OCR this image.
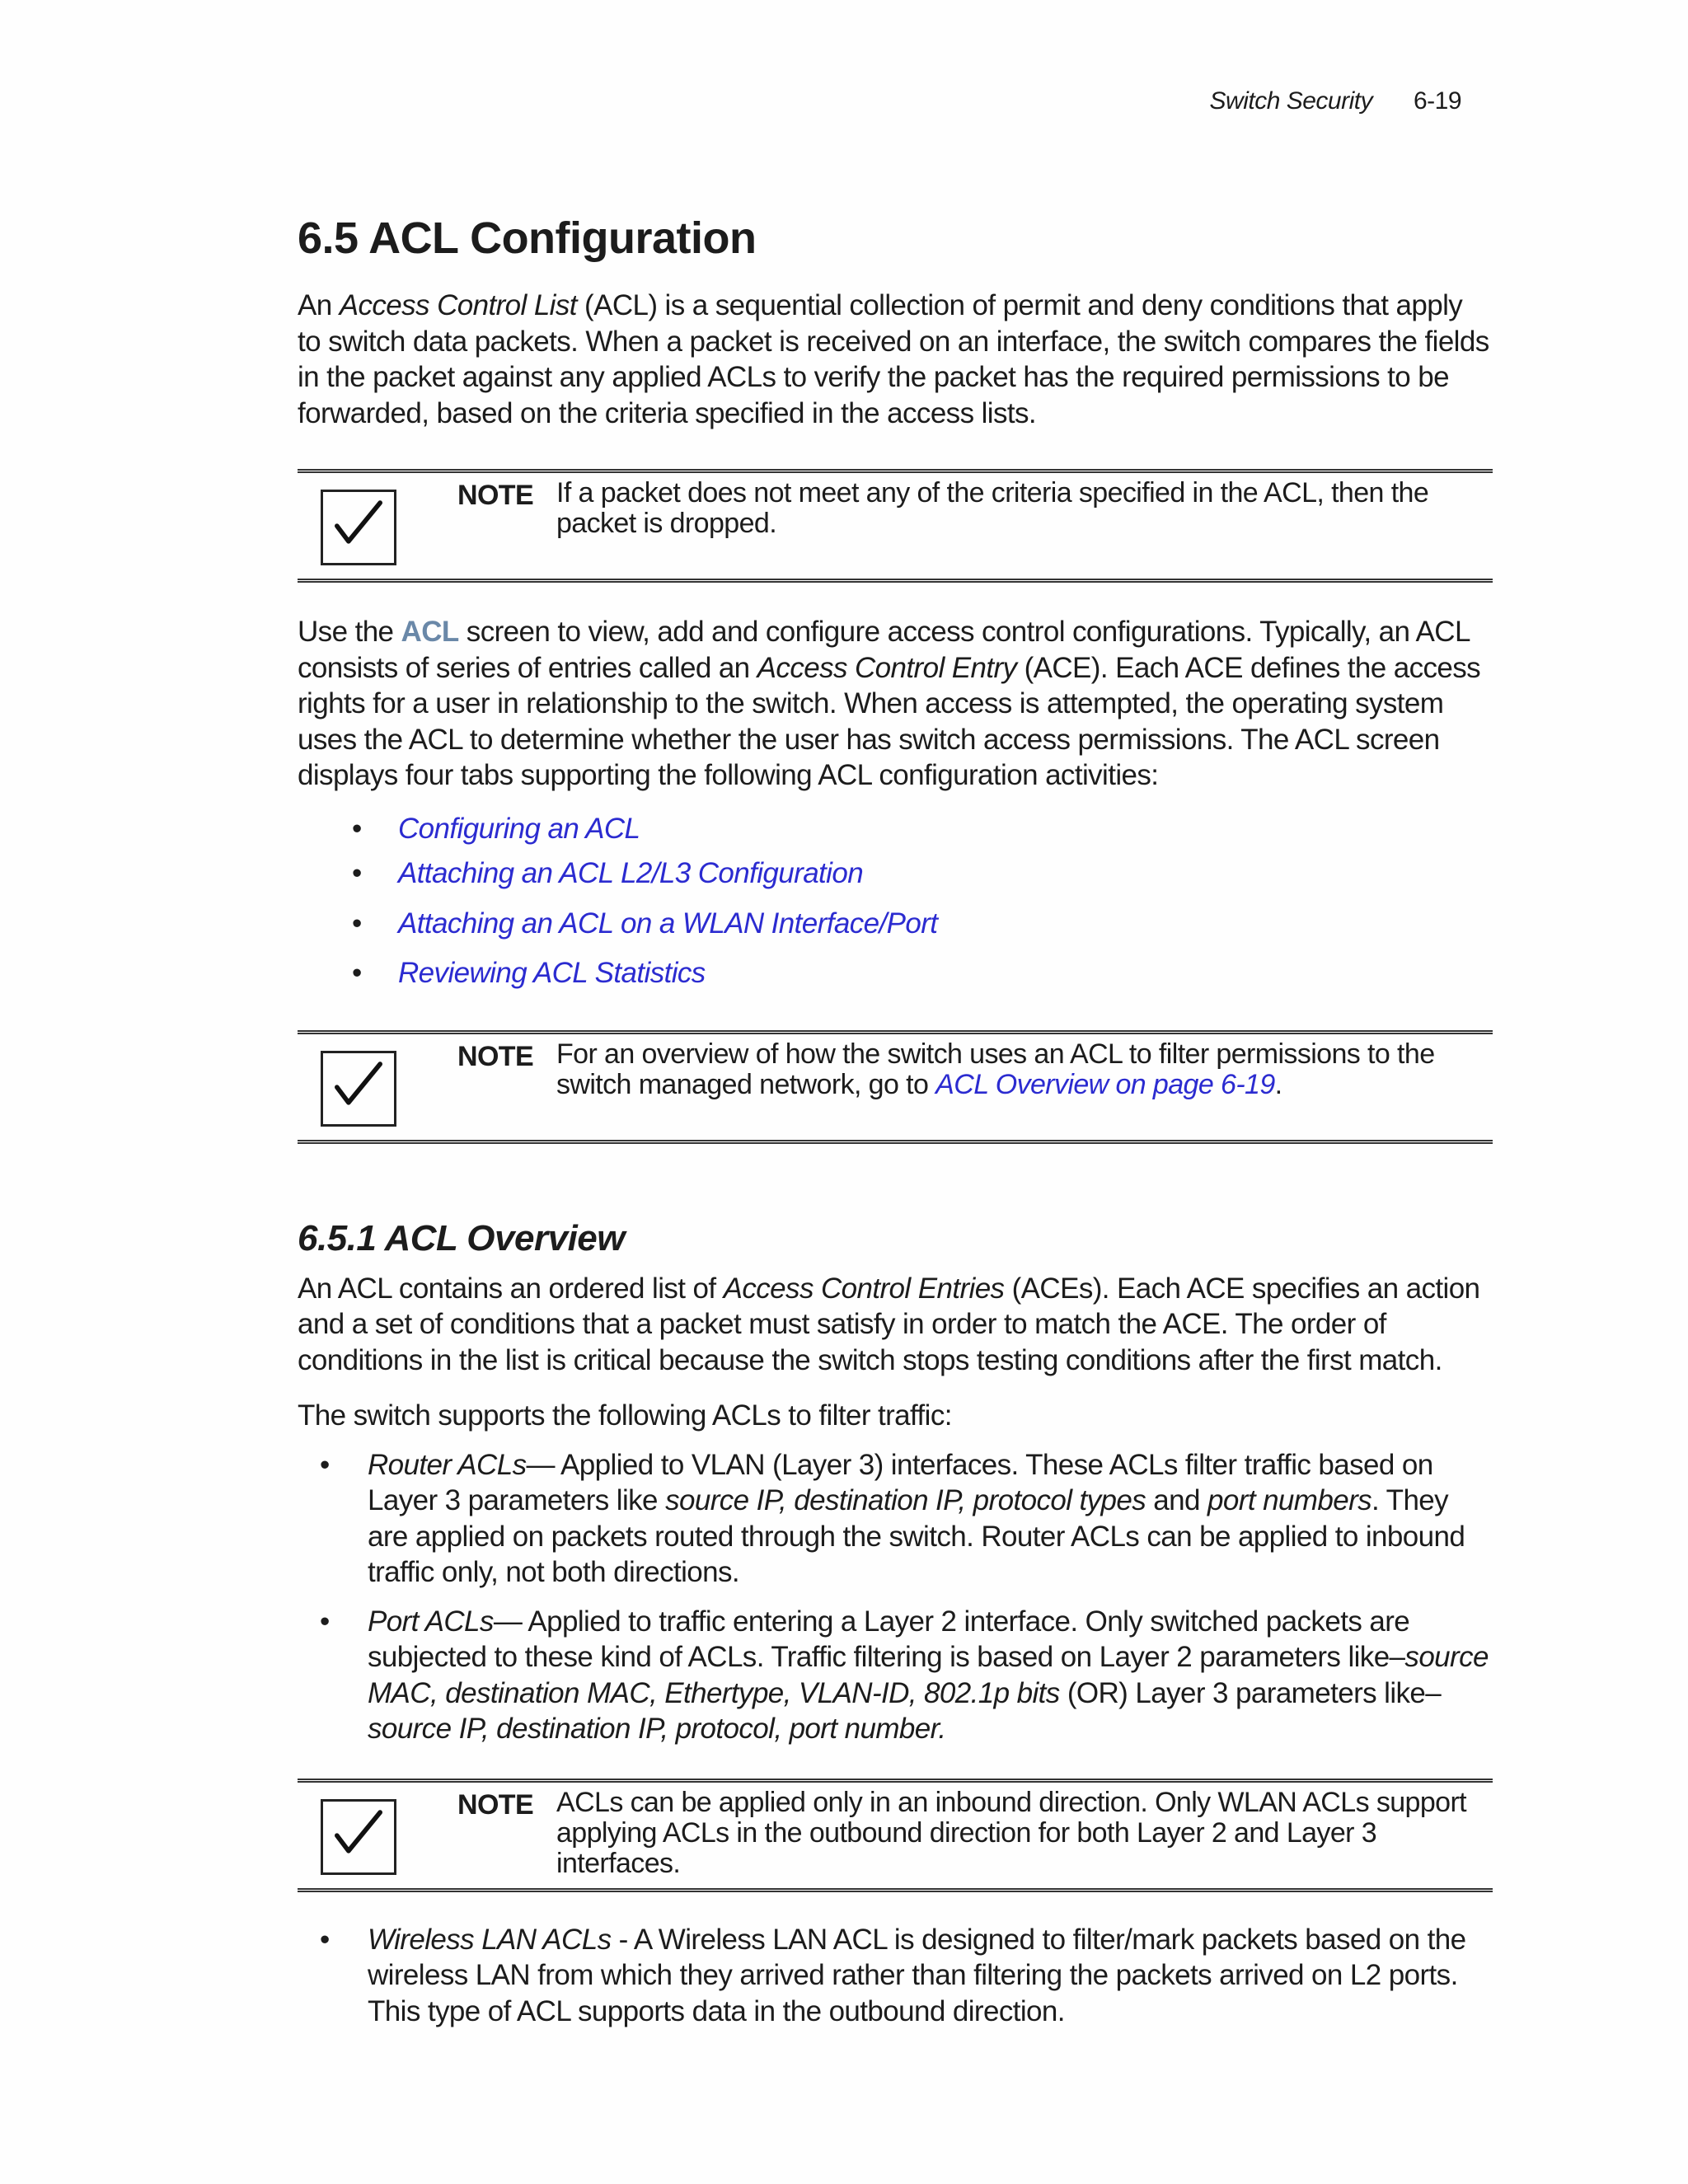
Switch Security 6-19
6.5 ACL Configuration

An Access Control List (ACL) is a sequential collection of permit and deny conditions that apply to switch data packets. When a packet is received on an interface, the switch compares the fields in the packet against any applied ACLs to verify the packet has the required permissions to be forwarded, based on the criteria specified in the access lists.

NOTE If a packet does not meet any of the criteria specified in the ACL, then the packet is dropped.

Use the ACL screen to view, add and configure access control configurations. Typically, an ACL consists of series of entries called an Access Control Entry (ACE). Each ACE defines the access rights for a user in relationship to the switch. When access is attempted, the operating system uses the ACL to determine whether the user has switch access permissions. The ACL screen displays four tabs supporting the following ACL configuration activities:

• Configuring an ACL
• Attaching an ACL L2/L3 Configuration
• Attaching an ACL on a WLAN Interface/Port
• Reviewing ACL Statistics
NOTE For an overview of how the switch uses an ACL to filter permissions to the switch managed network, go to ACL Overview on page 6-19.
6.5.1 ACL Overview

An ACL contains an ordered list of Access Control Entries (ACEs). Each ACE specifies an action and a set of conditions that a packet must satisfy in order to match the ACE. The order of conditions in the list is critical because the switch stops testing conditions after the first match.

The switch supports the following ACLs to filter traffic:

• Router ACLs— Applied to VLAN (Layer 3) interfaces. These ACLs filter traffic based on Layer 3 parameters like source IP, destination IP, protocol types and port numbers. They are applied on packets routed through the switch. Router ACLs can be applied to inbound traffic only, not both directions.
• Port ACLs— Applied to traffic entering a Layer 2 interface. Only switched packets are subjected to these kind of ACLs. Traffic filtering is based on Layer 2 parameters like–source MAC, destination MAC, Ethertype, VLAN-ID, 802.1p bits (OR) Layer 3 parameters like– source IP, destination IP, protocol, port number.
NOTE ACLs can be applied only in an inbound direction. Only WLAN ACLs support applying ACLs in the outbound direction for both Layer 2 and Layer 3 interfaces.
• Wireless LAN ACLs - A Wireless LAN ACL is designed to filter/mark packets based on the wireless LAN from which they arrived rather than filtering the packets arrived on L2 ports. This type of ACL supports data in the outbound direction.
